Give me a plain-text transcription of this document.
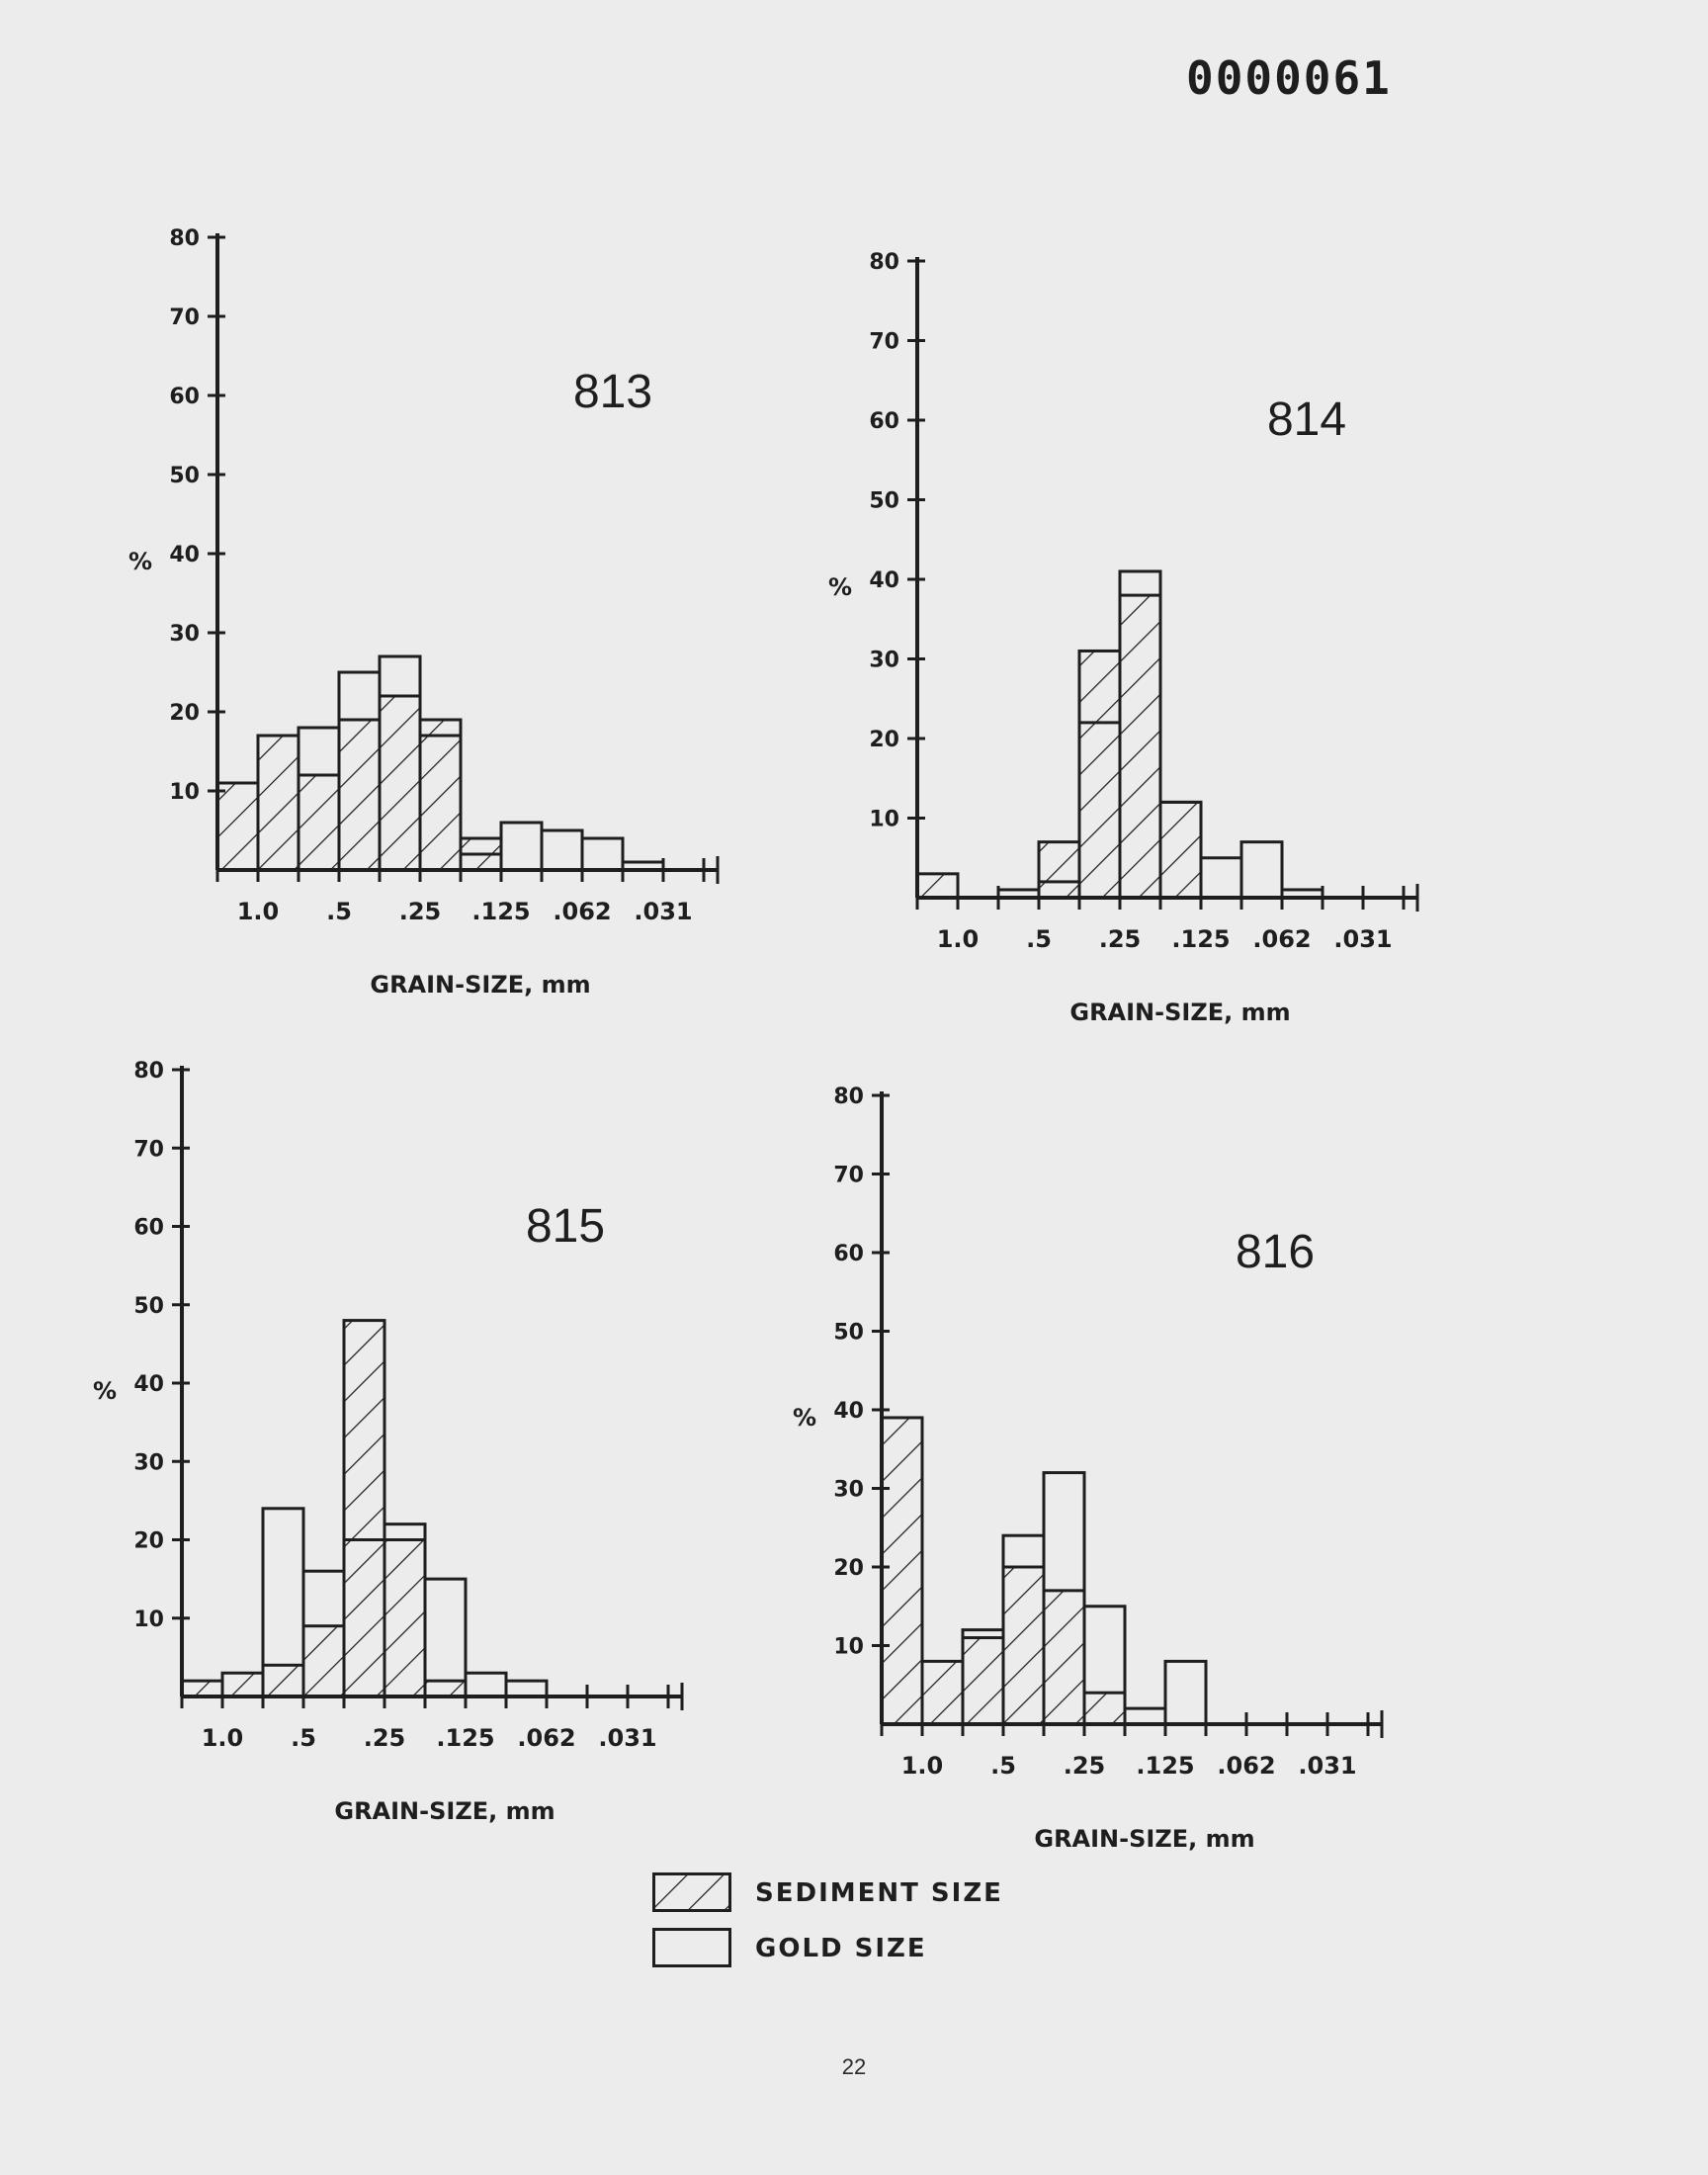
0000061
10
20
30
40
50
60
70
80
%
1.0 .5 .25 .125 .062 .031
GRAIN-SIZE, mm
813
10
20
30
40
50
60
70
80
%
1.0 .5 .25 .125 .062 .031
GRAIN-SIZE, mm
814
10
20
30
40
50
60
70
80
%
1.0 .5 .25 .125 .062 .031
GRAIN-SIZE, mm
815
10
20
30
40
50
60
70
80
%
1.0 .5 .25 .125 .062 .031
GRAIN-SIZE, mm
816
SEDIMENT SIZE
GOLD SIZE
22
